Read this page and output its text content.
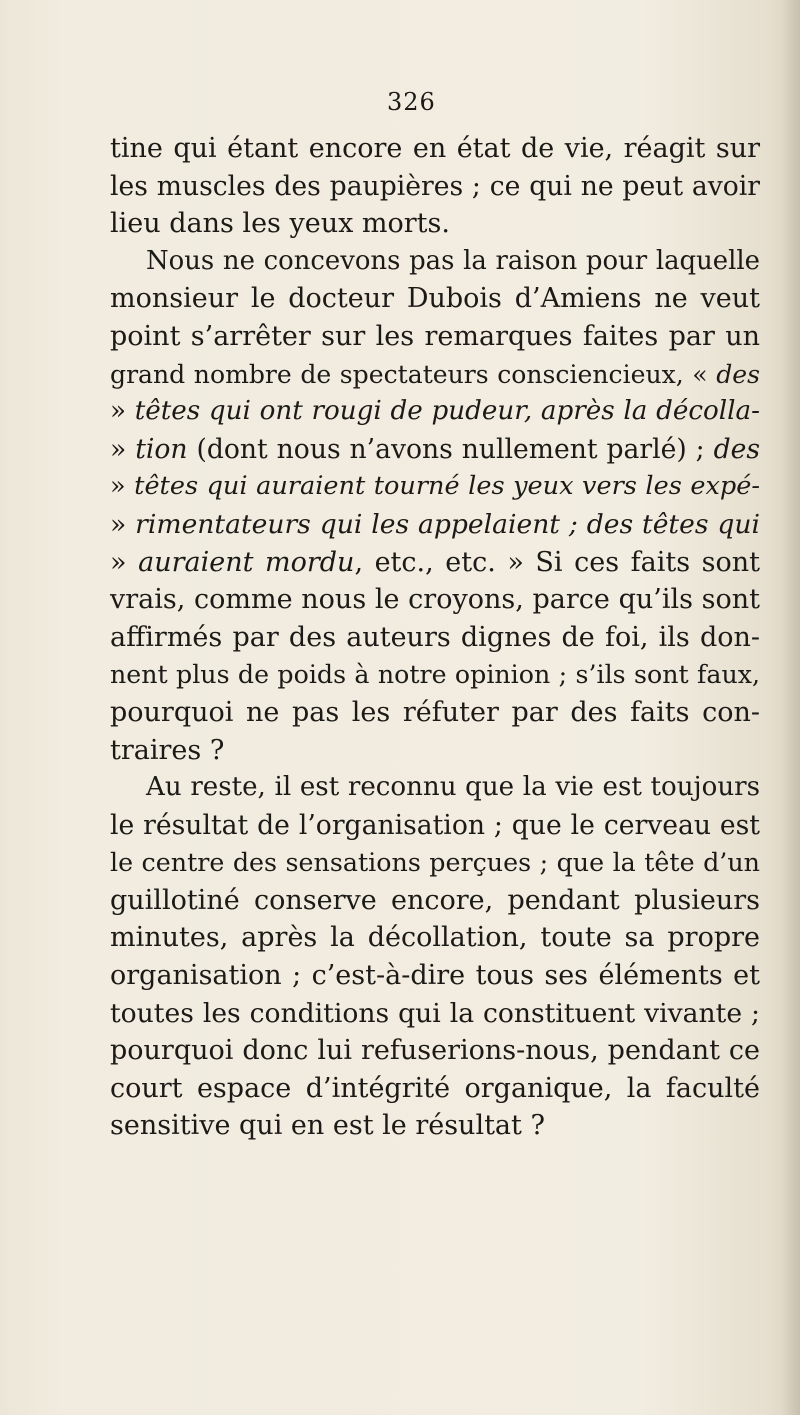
326
tine qui étant encore en état de vie, réagit sur
les muscles des paupières ; ce qui ne peut avoir
lieu dans les yeux morts.
Nous ne concevons pas la raison pour laquelle
monsieur le docteur Dubois d’Amiens ne veut
point s’arrêter sur les remarques faites par un
grand nombre de spectateurs consciencieux, « des
» têtes qui ont rougi de pudeur, après la décolla-
» tion (dont nous n’avons nullement parlé) ; des
» têtes qui auraient tourné les yeux vers les expé-
» rimentateurs qui les appelaient ; des têtes qui
» auraient mordu, etc., etc. » Si ces faits sont
vrais, comme nous le croyons, parce qu’ils sont
affirmés par des auteurs dignes de foi, ils don-
nent plus de poids à notre opinion ; s’ils sont faux,
pourquoi ne pas les réfuter par des faits con-
traires ?
Au reste, il est reconnu que la vie est toujours
le résultat de l’organisation ; que le cerveau est
le centre des sensations perçues ; que la tête d’un
guillotiné conserve encore, pendant plusieurs
minutes, après la décollation, toute sa propre
organisation ; c’est-à-dire tous ses éléments et
toutes les conditions qui la constituent vivante ;
pourquoi donc lui refuserions-nous, pendant ce
court espace d’intégrité organique, la faculté
sensitive qui en est le résultat ?
